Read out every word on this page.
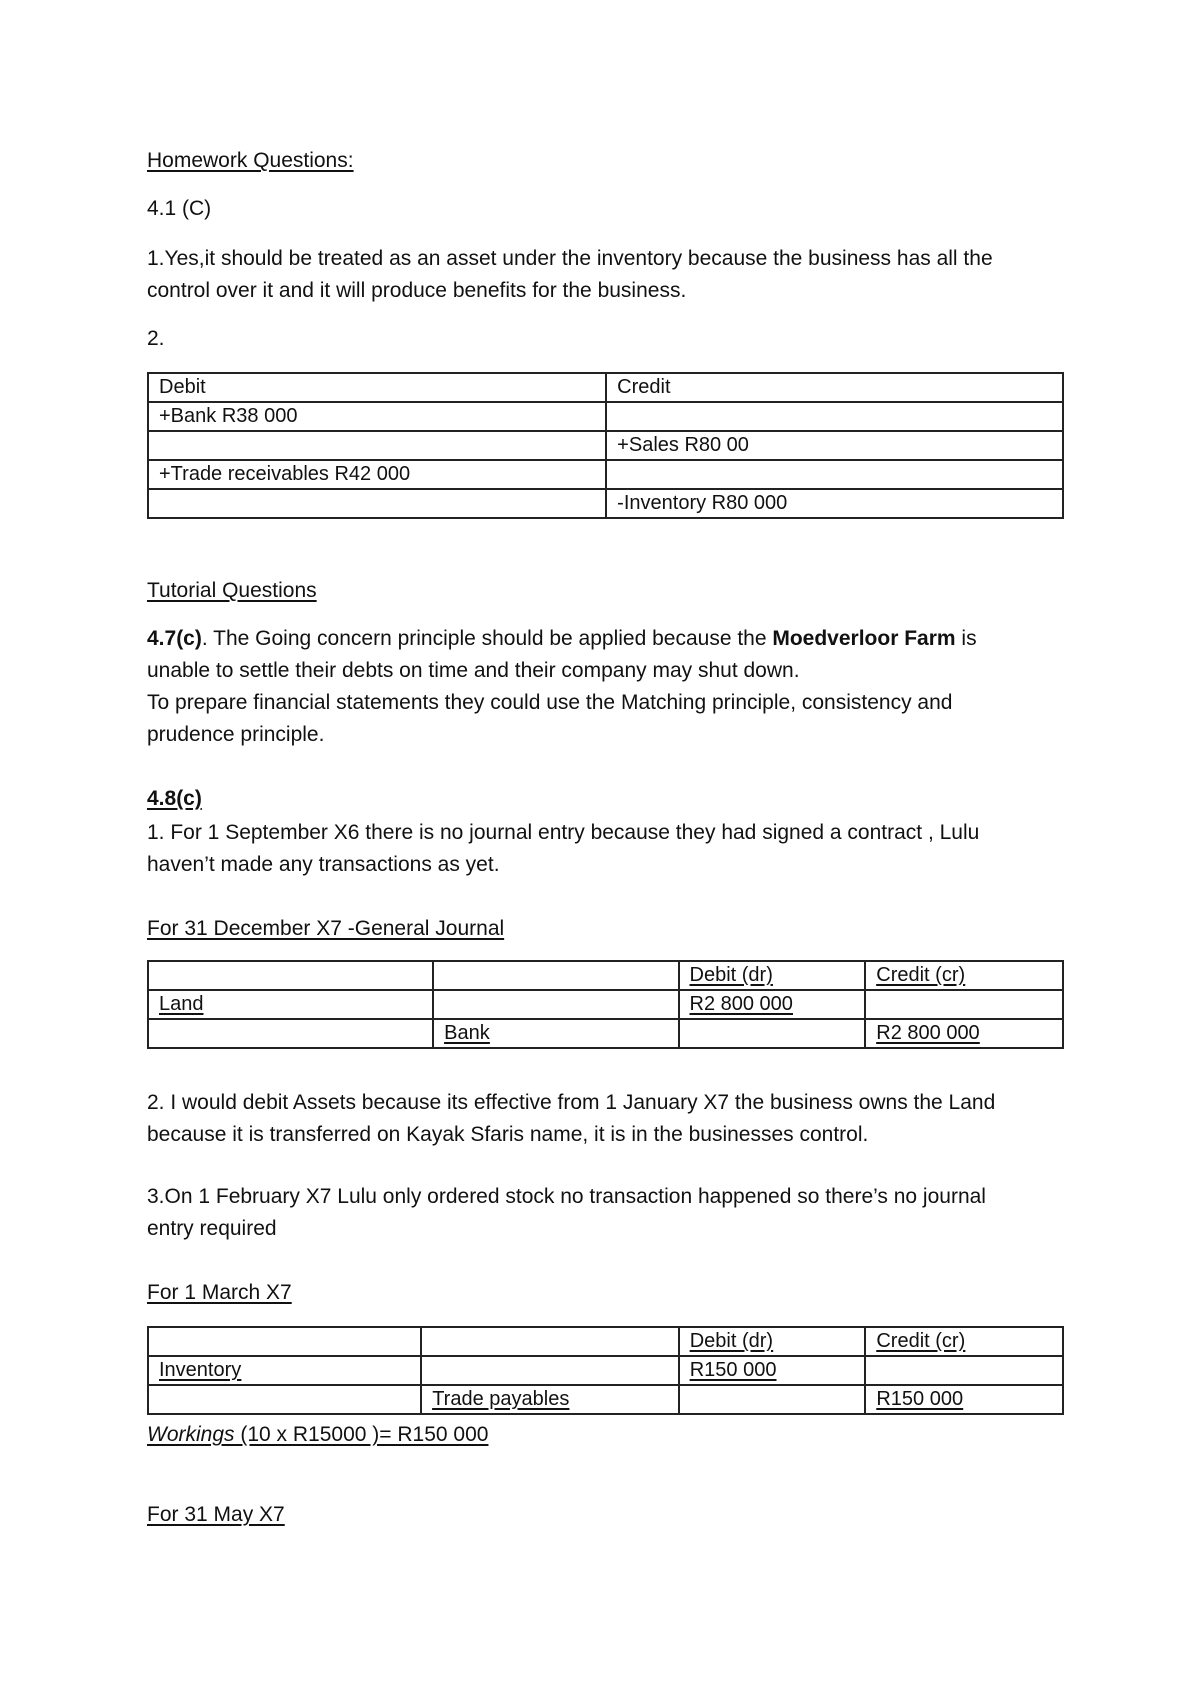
Homework Questions:
4.1 (C)
1.Yes,it should be treated as an asset under the inventory because the business has all the
control over it and it will produce benefits for the business.
2.
Debit	Credit
+Bank R38 000	
	+Sales R80 00
+Trade receivables R42 000	
	-Inventory R80 000
Tutorial Questions
4.7(c). The Going concern principle should be applied because the Moedverloor Farm is
unable to settle their debts on time and their company may shut down.
To prepare financial statements they could use the Matching principle, consistency and
prudence principle.
4.8(c)
1. For 1 September X6 there is no journal entry because they had signed a contract , Lulu
haven’t made any transactions as yet.
For 31 December X7 -General Journal
		Debit (dr)	Credit (cr)
Land		R2 800 000	
	Bank		R2 800 000
2. I would debit Assets because its effective from 1 January X7 the business owns the Land
because it is transferred on Kayak Sfaris name, it is in the businesses control.
3.On 1 February X7 Lulu only ordered stock no transaction happened so there’s no journal
entry required
For 1 March X7
		Debit (dr)	Credit (cr)
Inventory		R150 000	
	Trade payables		R150 000
Workings (10 x R15000 )= R150 000
For 31 May X7
